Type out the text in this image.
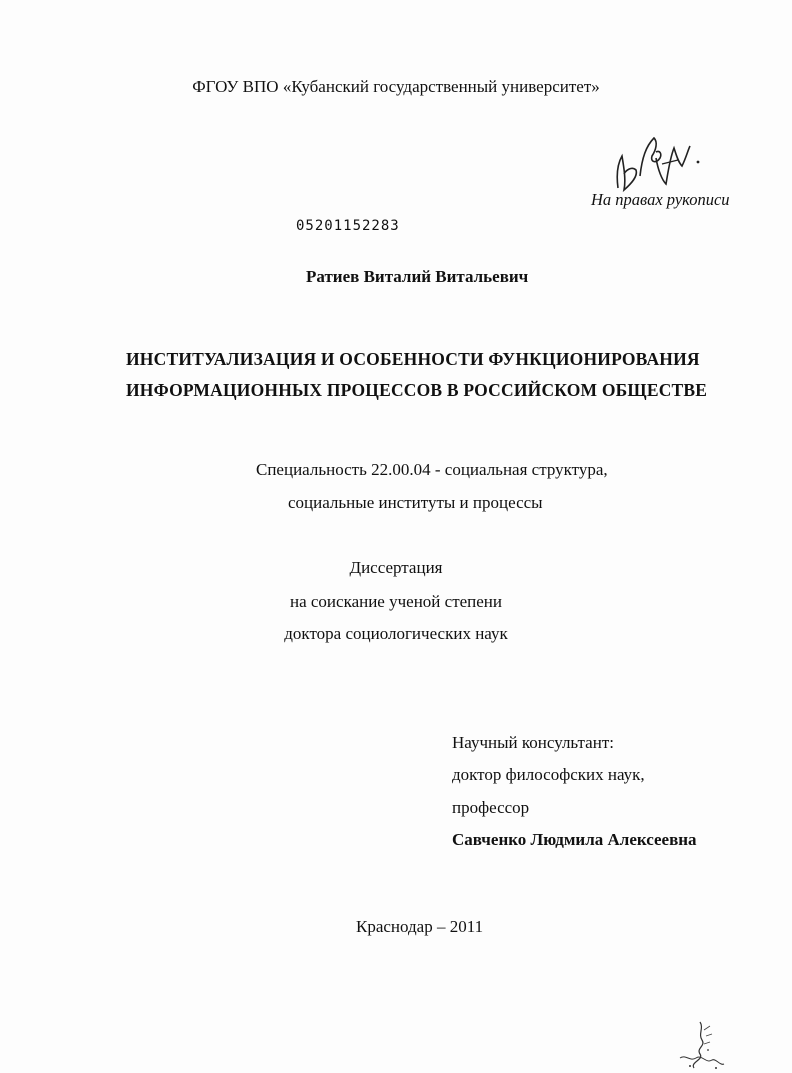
ФГОУ ВПО «Кубанский государственный университет»
На правах рукописи
05201152283
Ратиев Виталий Витальевич
ИНСТИТУАЛИЗАЦИЯ И ОСОБЕННОСТИ ФУНКЦИОНИРОВАНИЯ
ИНФОРМАЦИОННЫХ ПРОЦЕССОВ В РОССИЙСКОМ ОБЩЕСТВЕ
Специальность 22.00.04 - социальная структура,
социальные институты и процессы
Диссертация
на соискание ученой степени
доктора социологических наук
Научный консультант:
доктор философских наук,
профессор
Савченко Людмила Алексеевна
Краснодар – 2011
